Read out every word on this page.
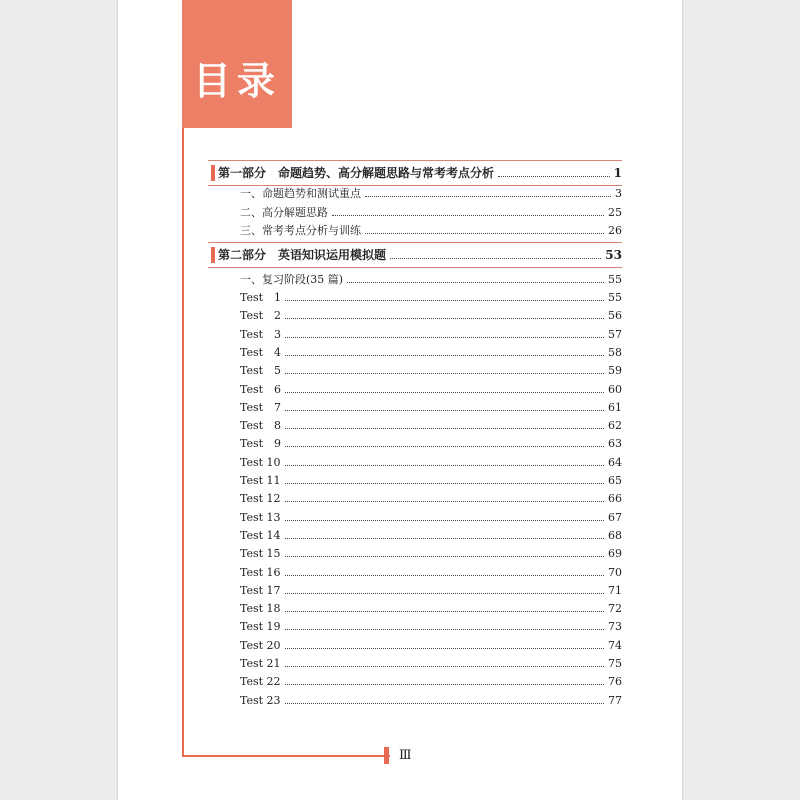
目录
Ⅲ
第一部分　命题趋势、高分解题思路与常考考点分析	1
一、命题趋势和测试重点	3
二、高分解题思路	25
三、常考考点分析与训练	26
第二部分　英语知识运用模拟题	53
一、复习阶段(35 篇)	55
Test　1	55
Test　2	56
Test　3	57
Test　4	58
Test　5	59
Test　6	60
Test　7	61
Test　8	62
Test　9	63
Test 10	64
Test 11	65
Test 12	66
Test 13	67
Test 14	68
Test 15	69
Test 16	70
Test 17	71
Test 18	72
Test 19	73
Test 20	74
Test 21	75
Test 22	76
Test 23	77
